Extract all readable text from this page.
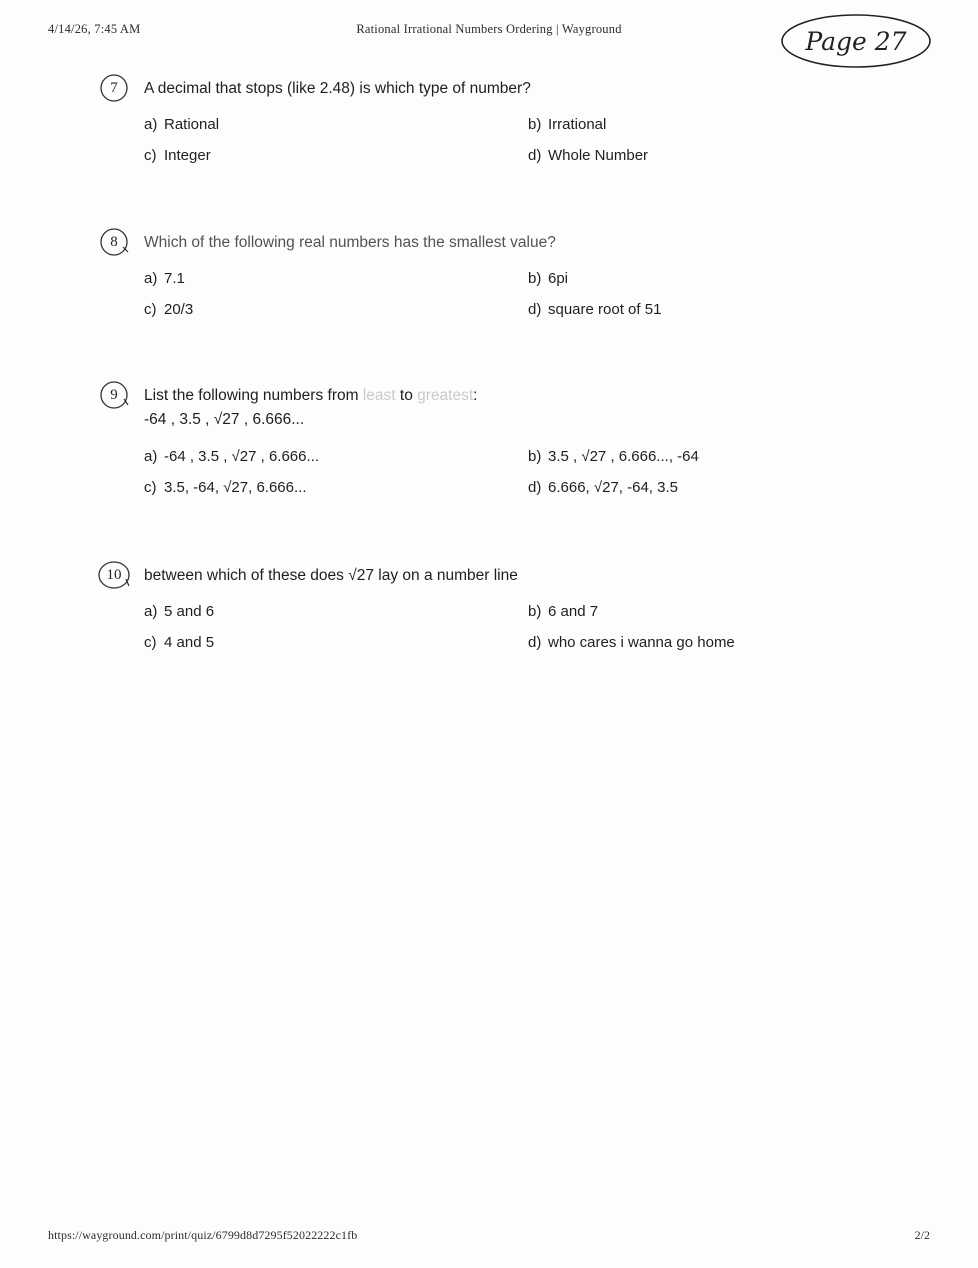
4/14/26, 7:45 AM	Rational Irrational Numbers Ordering | Wayground	Page 27
7	A decimal that stops (like 2.48) is which type of number?
a) Rational	b) Irrational
c) Integer	d) Whole Number
8	Which of the following real numbers has the smallest value?
a) 7.1	b) 6pi
c) 20/3	d) square root of 51
9	List the following numbers from least to greatest:
-64 , 3.5 , √27 , 6.666...
a) -64 , 3.5 , √27 , 6.666...	b) 3.5 , √27 , 6.666..., -64
c) 3.5, -64, √27, 6.666...	d) 6.666, √27, -64, 3.5
10	between which of these does √27 lay on a number line
a) 5 and 6	b) 6 and 7
c) 4 and 5	d) who cares i wanna go home
https://wayground.com/print/quiz/6799d8d7295f52022222c1fb	2/2
